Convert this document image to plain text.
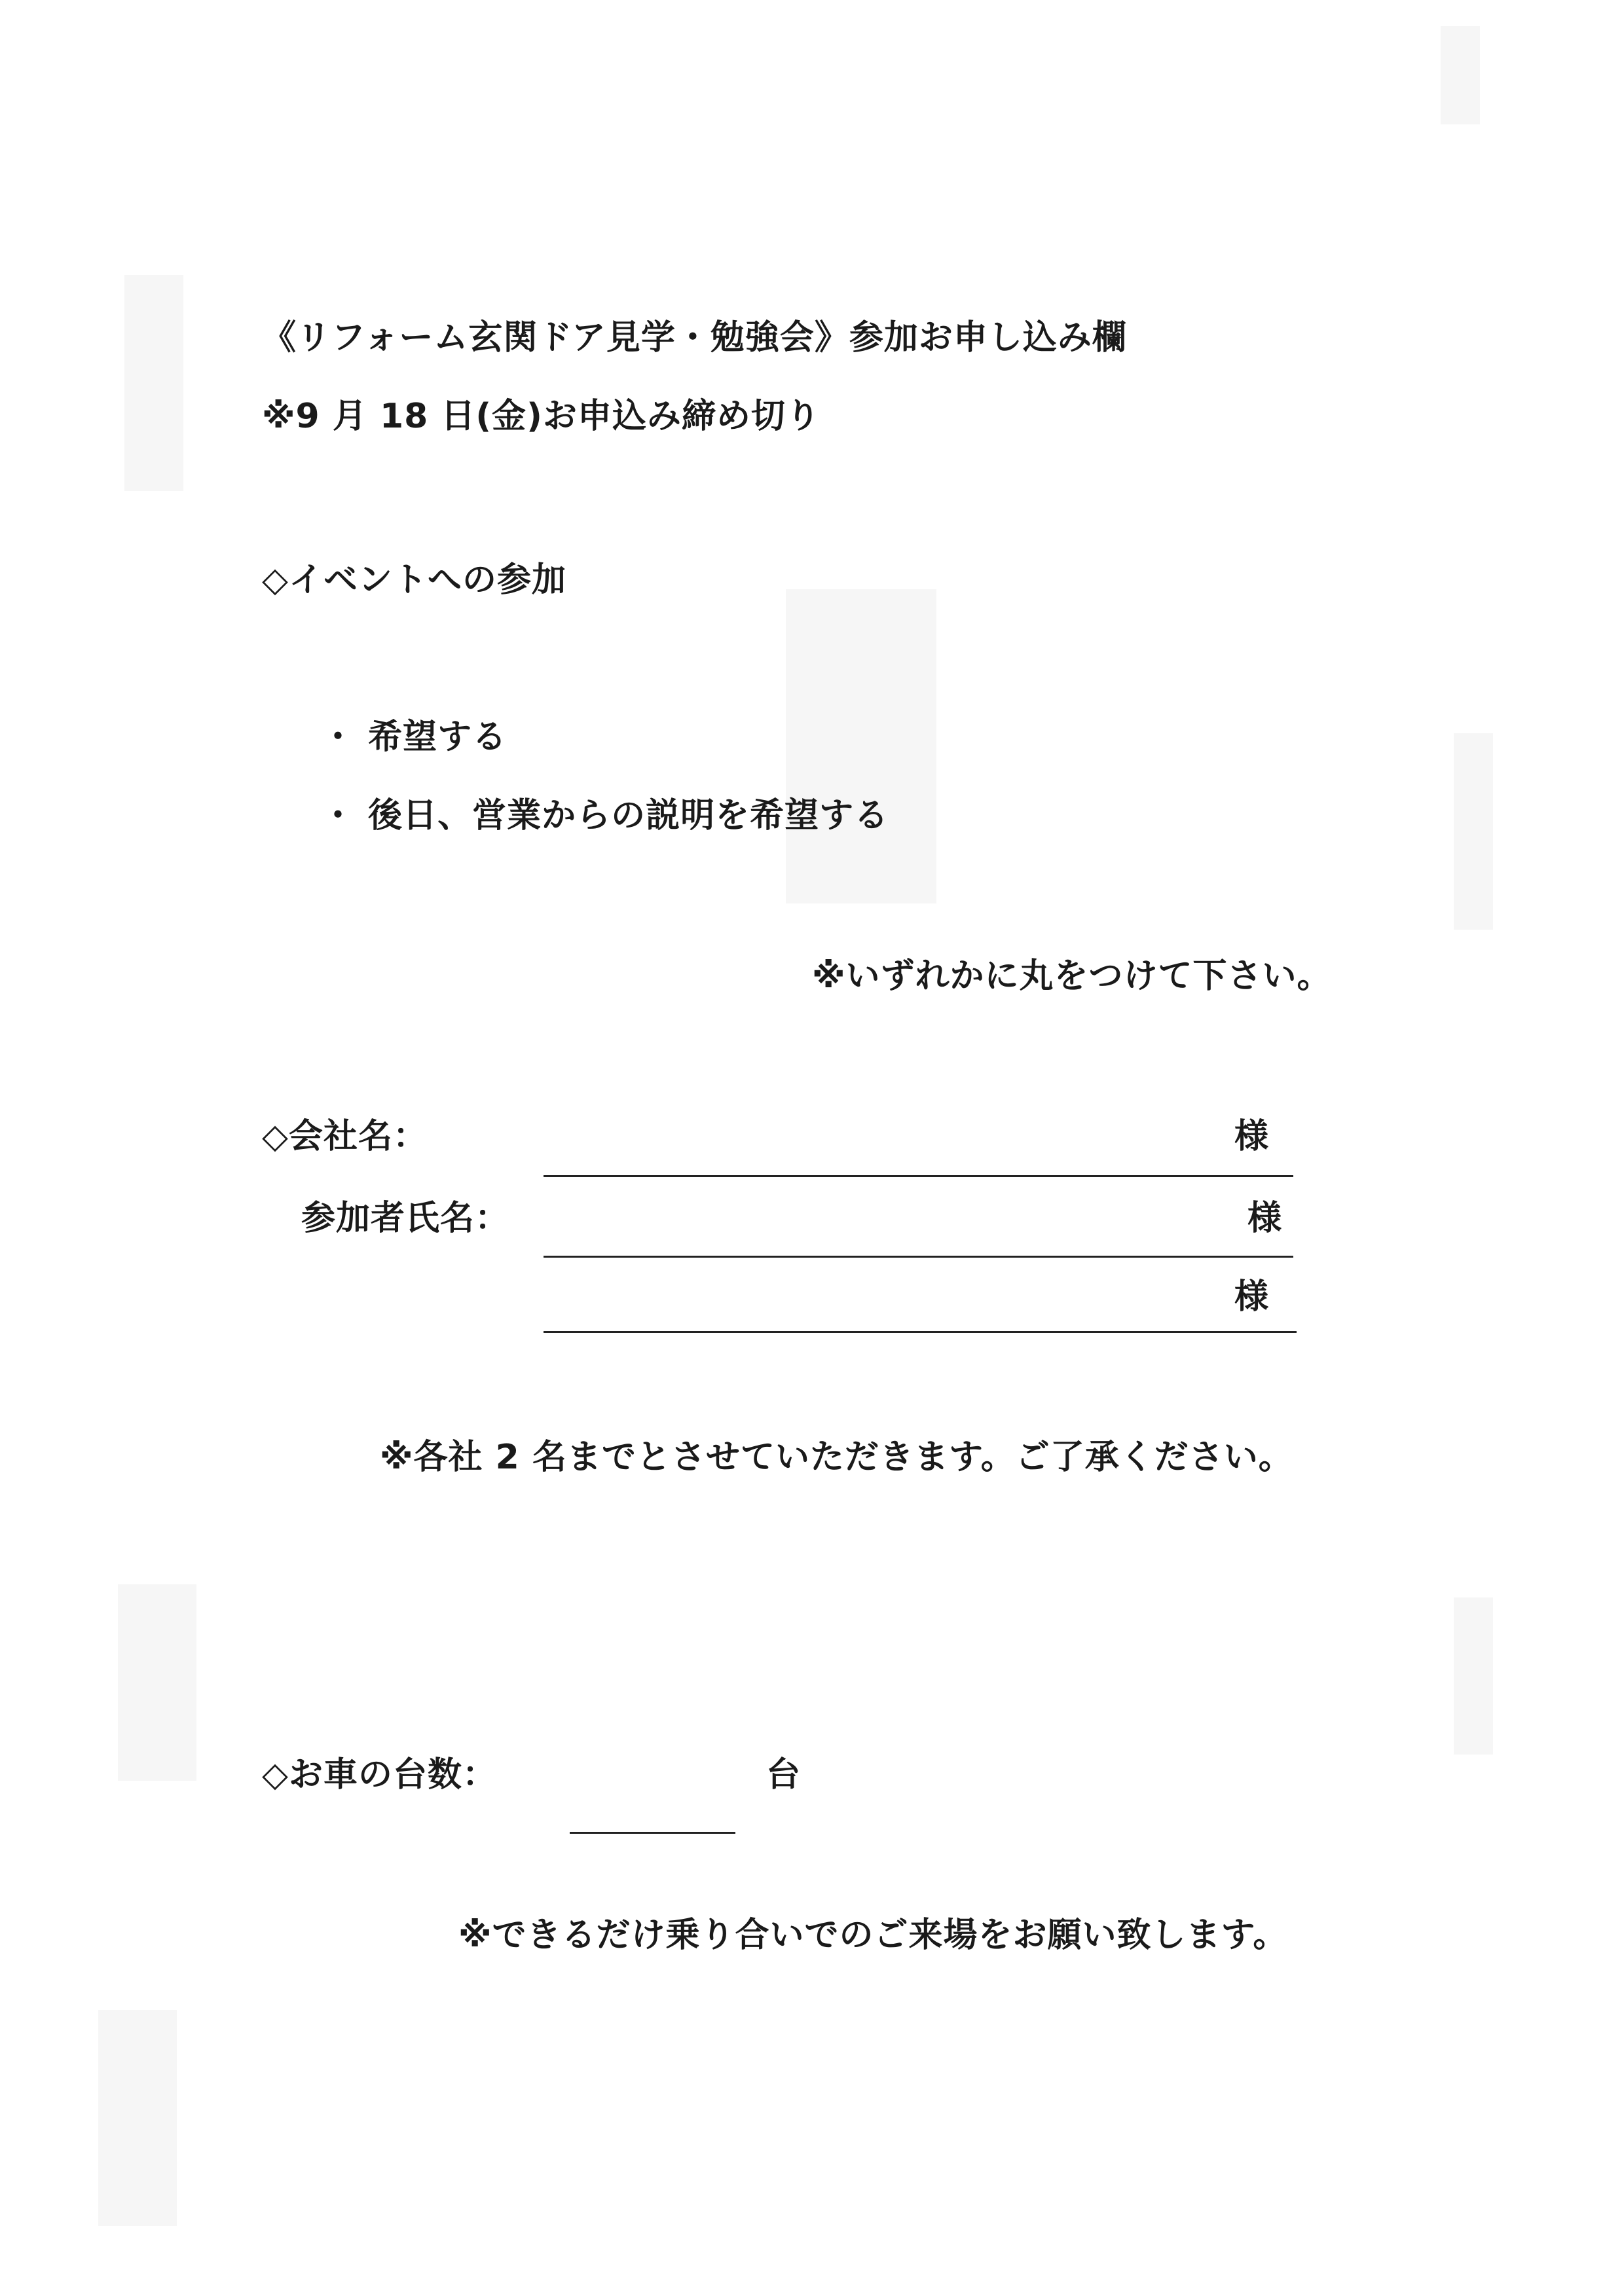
《リフォーム玄関ドア見学・勉強会》参加お申し込み欄
※9 月 18 日(金)お申込み締め切り
◇イベントへの参加
・ 希望する
・ 後日、営業からの説明を希望する
※いずれかに丸をつけて下さい。
◇会社名：	様
参加者氏名：	様
様
※各社 2 名までとさせていただきます。ご了承ください。
◇お車の台数：	台
※できるだけ乗り合いでのご来場をお願い致します。
